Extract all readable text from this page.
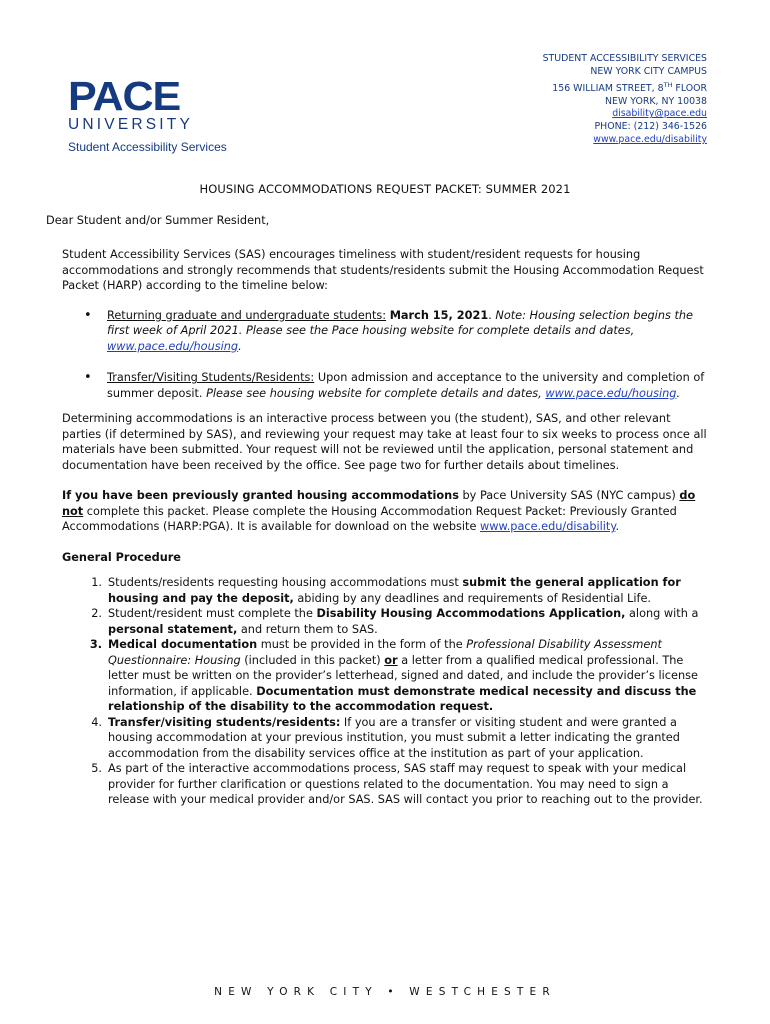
PACE
UNIVERSITY
Student Accessibility Services
STUDENT ACCESSIBILITY SERVICES
NEW YORK CITY CAMPUS
156 WILLIAM STREET, 8TH FLOOR
NEW YORK, NY 10038
disability@pace.edu
PHONE: (212) 346-1526
www.pace.edu/disability
HOUSING ACCOMMODATIONS REQUEST PACKET: SUMMER 2021
Dear Student and/or Summer Resident,

Student Accessibility Services (SAS) encourages timeliness with student/resident requests for housing accommodations and strongly recommends that students/residents submit the Housing Accommodation Request Packet (HARP) according to the timeline below:

• Returning graduate and undergraduate students: March 15, 2021. Note: Housing selection begins the first week of April 2021. Please see the Pace housing website for complete details and dates, www.pace.edu/housing.
• Transfer/Visiting Students/Residents: Upon admission and acceptance to the university and completion of summer deposit. Please see housing website for complete details and dates, www.pace.edu/housing.

Determining accommodations is an interactive process between you (the student), SAS, and other relevant parties (if determined by SAS), and reviewing your request may take at least four to six weeks to process once all materials have been submitted. Your request will not be reviewed until the application, personal statement and documentation have been received by the office. See page two for further details about timelines.

If you have been previously granted housing accommodations by Pace University SAS (NYC campus) do not complete this packet. Please complete the Housing Accommodation Request Packet: Previously Granted Accommodations (HARP:PGA). It is available for download on the website www.pace.edu/disability.

General Procedure

1. Students/residents requesting housing accommodations must submit the general application for housing and pay the deposit, abiding by any deadlines and requirements of Residential Life.
2. Student/resident must complete the Disability Housing Accommodations Application, along with a personal statement, and return them to SAS.
3. Medical documentation must be provided in the form of the Professional Disability Assessment Questionnaire: Housing (included in this packet) or a letter from a qualified medical professional. The letter must be written on the provider’s letterhead, signed and dated, and include the provider’s license information, if applicable. Documentation must demonstrate medical necessity and discuss the relationship of the disability to the accommodation request.
4. Transfer/visiting students/residents: If you are a transfer or visiting student and were granted a housing accommodation at your previous institution, you must submit a letter indicating the granted accommodation from the disability services office at the institution as part of your application.
5. As part of the interactive accommodations process, SAS staff may request to speak with your medical provider for further clarification or questions related to the documentation. You may need to sign a release with your medical provider and/or SAS. SAS will contact you prior to reaching out to the provider.
NEW YORK CITY • WESTCHESTER
